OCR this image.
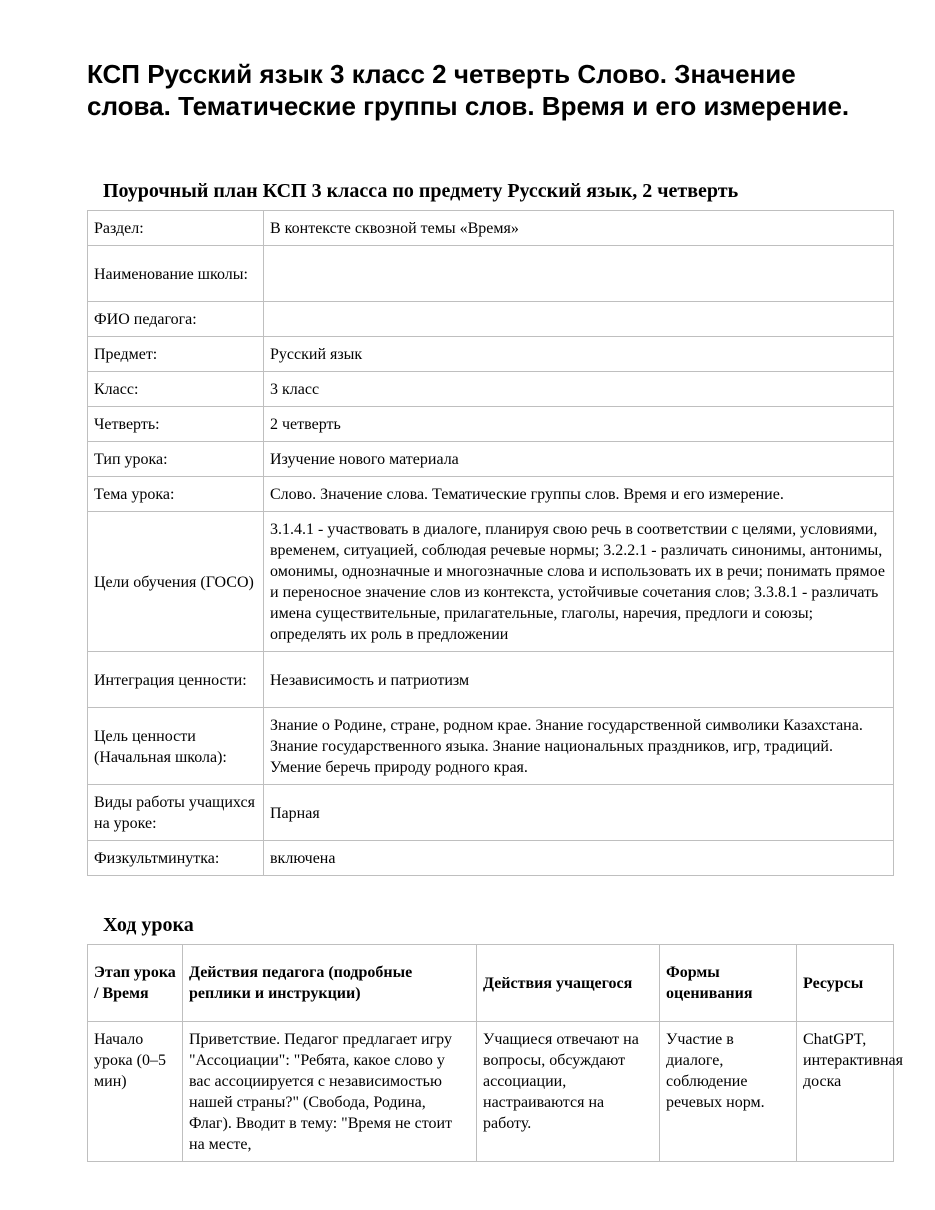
КСП Русский язык 3 класс 2 четверть Слово. Значение слова. Тематические группы слов. Время и его измерение.
Поурочный план КСП 3 класса по предмету Русский язык, 2 четверть
Раздел:	В контексте сквозной темы «Время»
Наименование школы:	
ФИО педагога:	
Предмет:	Русский язык
Класс:	3 класс
Четверть:	2 четверть
Тип урока:	Изучение нового материала
Тема урока:	Слово. Значение слова. Тематические группы слов. Время и его измерение.
Цели обучения (ГОСО)	3.1.4.1 - участвовать в диалоге, планируя свою речь в соответствии с целями, условиями, временем, ситуацией, соблюдая речевые нормы; 3.2.2.1 - различать синонимы, антонимы, омонимы, однозначные и многозначные слова и использовать их в речи; понимать прямое и переносное значение слов из контекста, устойчивые сочетания слов; 3.3.8.1 - различать имена существительные, прилагательные, глаголы, наречия, предлоги и союзы; определять их роль в предложении
Интеграция ценности:	Независимость и патриотизм
Цель ценности (Начальная школа):	Знание о Родине, стране, родном крае. Знание государственной символики Казахстана. Знание государственного языка. Знание национальных праздников, игр, традиций. Умение беречь природу родного края.
Виды работы учащихся на уроке:	Парная
Физкультминутка:	включена
Ход урока
Этап урока / Время	Действия педагога (подробные реплики и инструкции)	Действия учащегося	Формы оценивания	Ресурсы
Начало урока (0–5 мин)	Приветствие. Педагог предлагает игру "Ассоциации": "Ребята, какое слово у вас ассоциируется с независимостью нашей страны?" (Свобода, Родина, Флаг). Вводит в тему: "Время не стоит на месте,	Учащиеся отвечают на вопросы, обсуждают ассоциации, настраиваются на работу.	Участие в диалоге, соблюдение речевых норм.	ChatGPT, интерактивная доска
